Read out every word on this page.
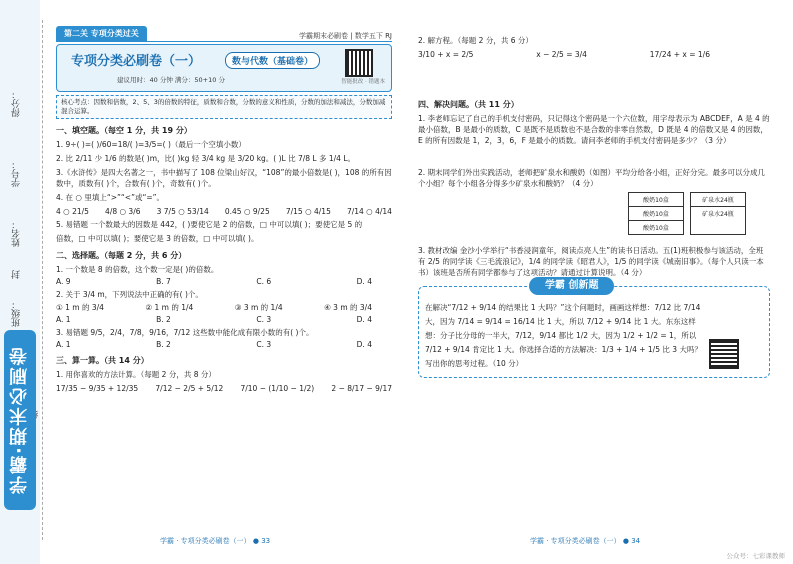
得分：
学号：
姓名：
封
班级：
学霸·期末必刷卷
第二关 专项分类过关	学霸期末必刷卷 | 数学五下 RJ
专项分类必刷卷（一）	数与代数（基础卷）
建议用时：40 分钟 满分：50+10 分	智能批改 · 错题本
核心考点：因数和倍数，2、5、3的倍数的特征，质数和合数，分数的意义和性质，分数的加法和减法，分数加减混合运算。
一、填空题。（每空 1 分，共 19 分）
1. 9÷( )=( )/60=18/( )=3/5=( )（最后一个空填小数）
2. 比 2/11 少 1/6 的数是( )m，比( )kg 轻 3/4 kg 是 3/20 kg。( )L 比 7/8 L 多 1/4 L。
3.《水浒传》是四大名著之一，书中描写了 108 位梁山好汉，“108”的最小倍数是( )，108 的所有因数中，质数有( )个，合数有( )个，奇数有( )个。
4. 在 ○ 里填上“>”“<”或“=”。
4 ○ 21/5 4/8 ○ 3/6 3 7/5 ○ 53/14 0.45 ○ 9/25 7/15 ○ 4/15 7/14 ○ 4/14
5. 易错题 一个数最大的因数是 442，( )要使它是 2 的倍数，□ 中可以填( )；要使它是 5 的
倍数，□ 中可以填( )；要使它是 3 的倍数，□ 中可以填( )。
二、选择题。（每题 2 分，共 6 分）
1. 一个数是 8 的倍数，这个数一定是( )的倍数。
A. 9	B. 7	C. 6	D. 4
2. 关于 3/4 m，下列说法中正确的有( )个。
① 1 m 的 3/4	② 1 m 的 1/4	③ 3 m 的 1/4	④ 3 m 的 3/4
A. 1	B. 2	C. 3	D. 4
3. 易错题 9/5，2/4，7/8，9/16，7/12 这些数中能化成有限小数的有( )个。
A. 1	B. 2	C. 3	D. 4
三、算一算。（共 14 分）
1. 用你喜欢的方法计算。（每题 2 分，共 8 分）
17/35 − 9/35 + 12/35 7/12 − 2/5 + 5/12 7/10 − (1/10 − 1/2) 2 − 8/17 − 9/17
学霸 · 专项分类必刷卷（一） ● 33
2. 解方程。（每题 2 分，共 6 分）
3/10 + x = 2/5	x − 2/5 = 3/4	17/24 + x = 1/6
四、解决问题。（共 11 分）
1. 李老师忘记了自己的手机支付密码，只记得这个密码是一个六位数，用字母表示为 ABCDEF，A 是 4 的最小倍数，B 是最小的质数，C 是既不是质数也不是合数的非零自然数，D 既是 4 的倍数又是 4 的因数，E 的所有因数是 1，2，3，6，F 是最小的质数。请问李老师的手机支付密码是多少？（3 分）
2. 期末同学们外出实践活动，老师把矿泉水和酸奶（如图）平均分给各小组，正好分完。最多可以分成几个小组？每个小组各分得多少矿泉水和酸奶？（4 分）
酸奶10盒
酸奶10盒
酸奶10盒
矿泉水24瓶
矿泉水24瓶
3. 教材改编 金沙小学举行“书香浸润童年，阅读点亮人生”的读书日活动。五(1)班积极参与该活动，全班有 2/5 的同学读《三毛流浪记》，1/4 的同学读《昭君人》，1/5 的同学读《城南旧事》。（每个人只读一本书）该班是否所有同学都参与了这项活动？请通过计算说明。（4 分）
学霸 创新题
在解决“7/12 + 9/14 的结果比 1 大吗？”这个问题时，画画这样想：7/12 比 7/14 大，因为 7/14 = 9/14 = 16/14 比 1 大，所以 7/12 + 9/14 比 1 大。东东这样想：分子比分母的一半大，7/12，9/14 都比 1/2 大，因为 1/2 + 1/2 = 1，所以 7/12 + 9/14 肯定比 1 大。你选择合适的方法解决：1/3 + 1/4 + 1/5 比 3 大吗？写出你的思考过程。（10 分）
学霸 · 专项分类必刷卷（一） ● 34
公众号：七彩课教师
